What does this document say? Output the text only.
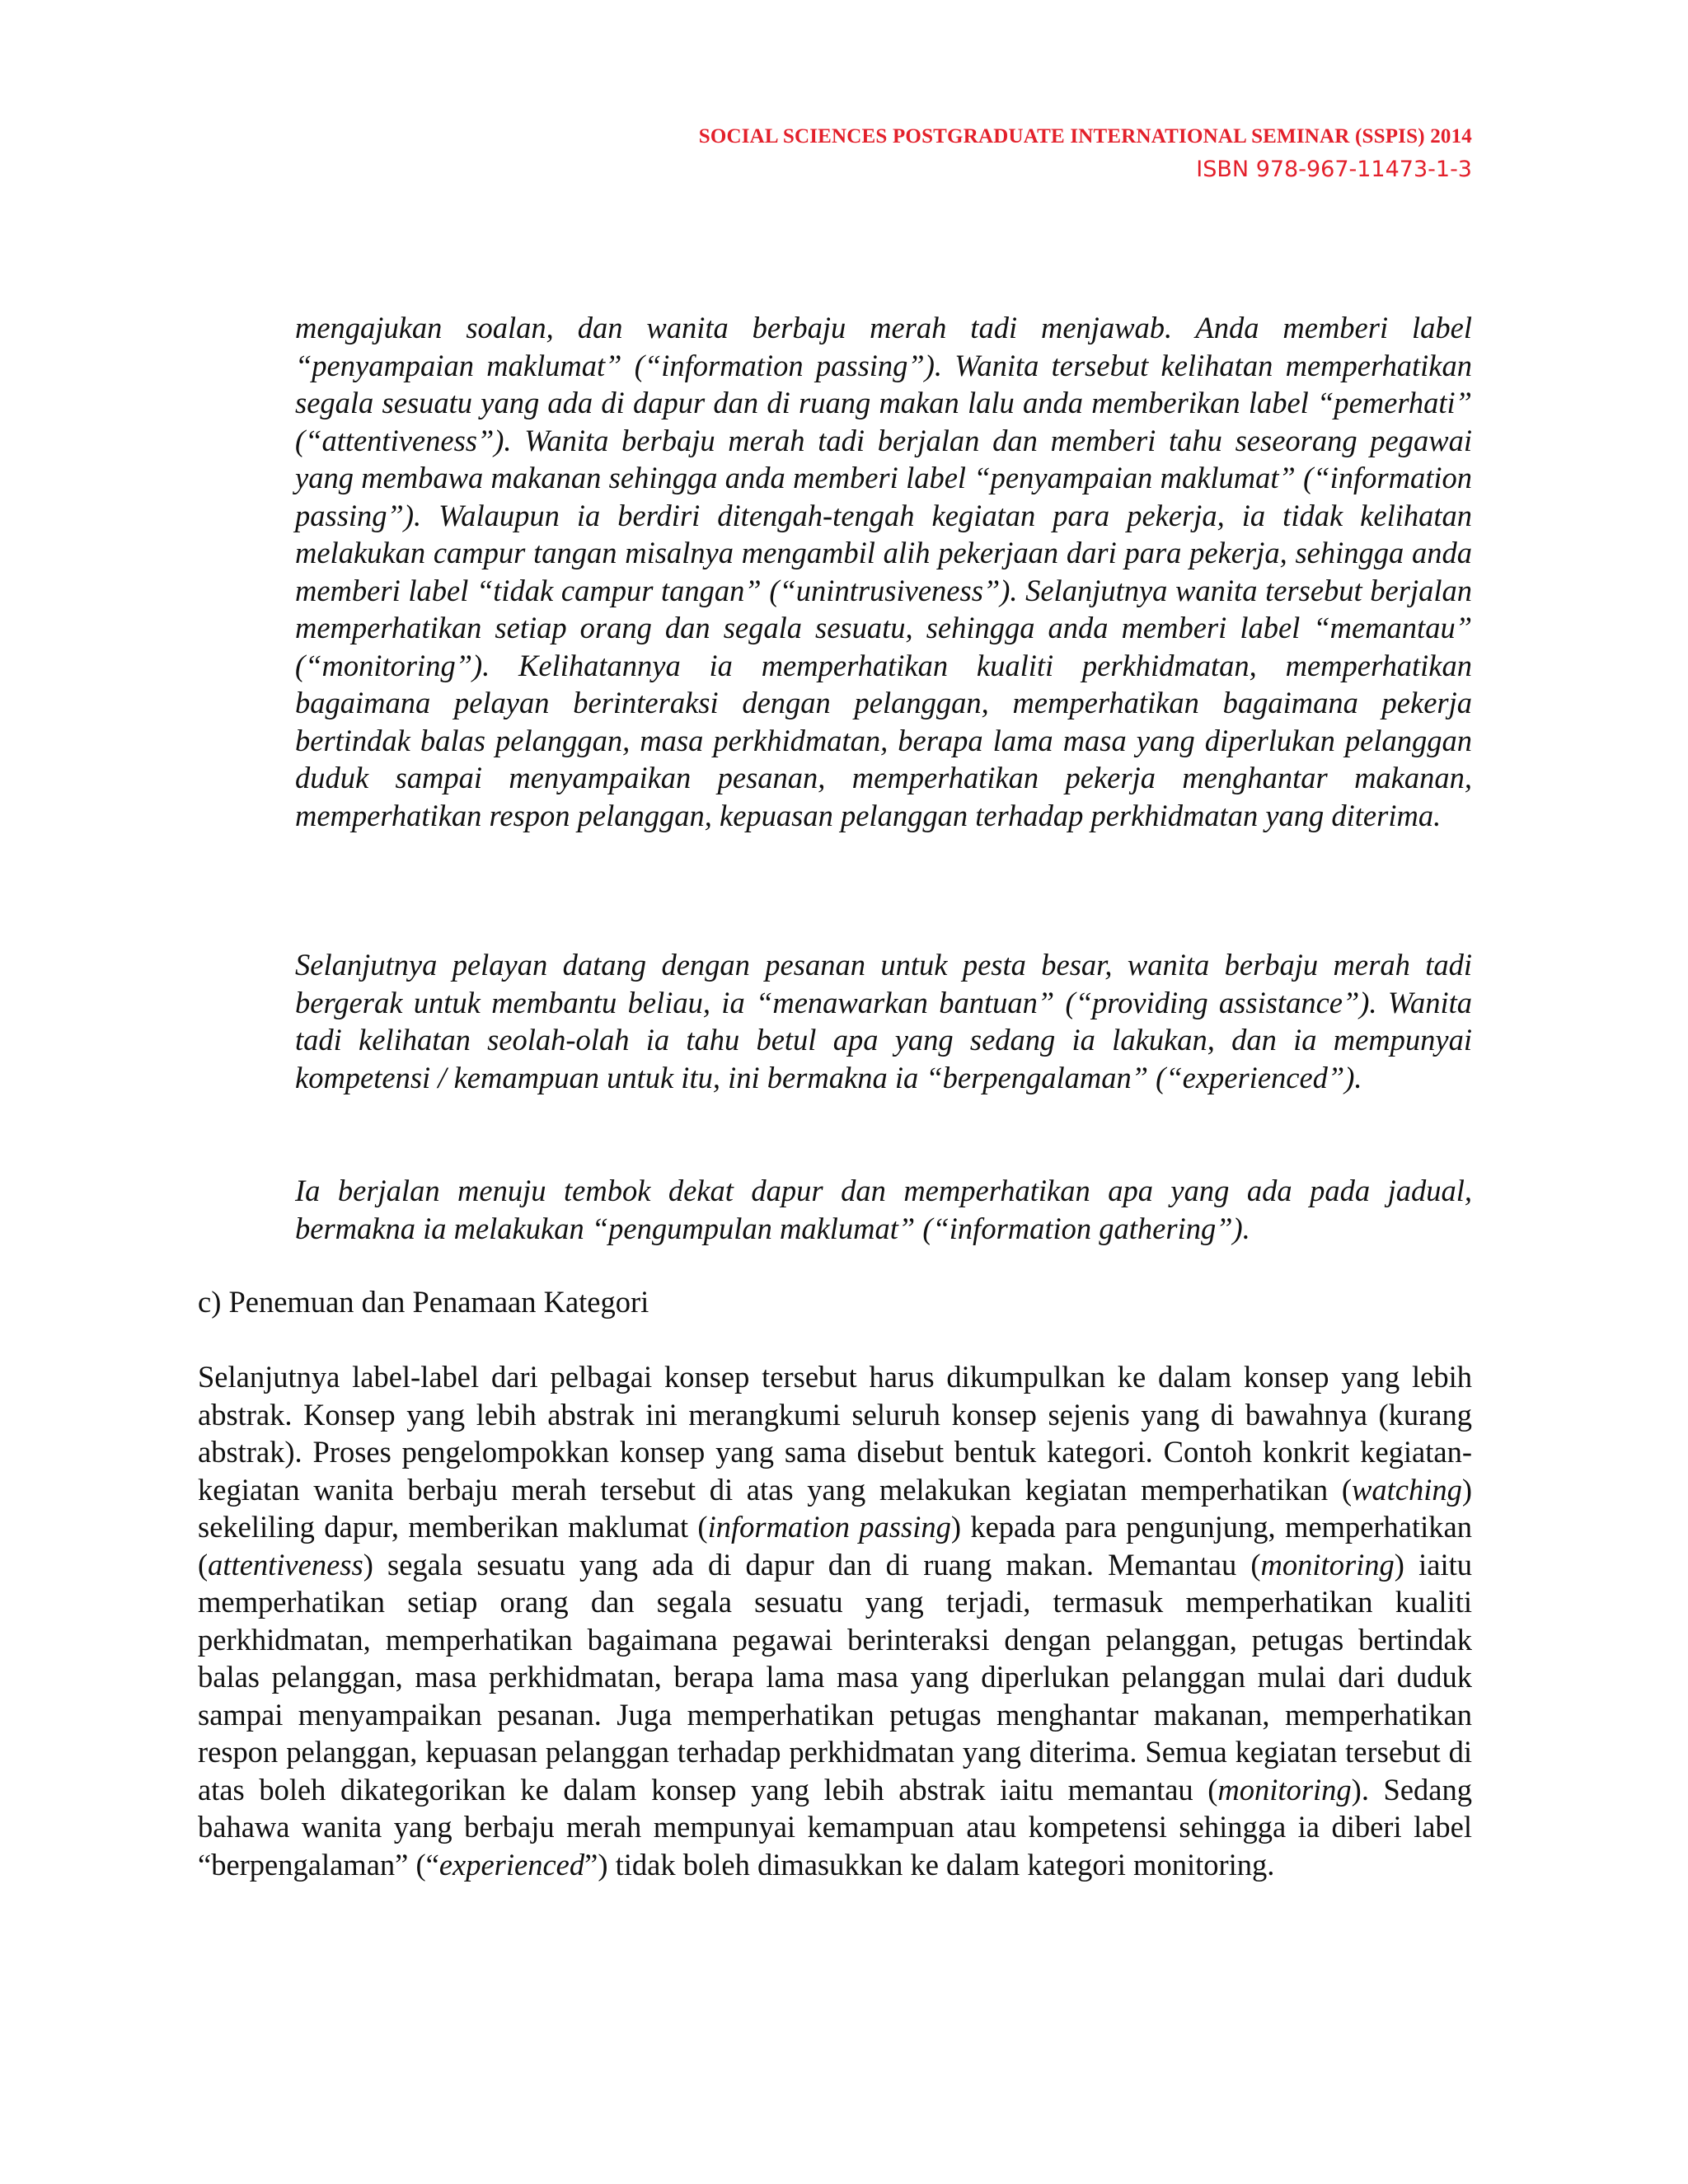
SOCIAL SCIENCES POSTGRADUATE INTERNATIONAL SEMINAR (SSPIS) 2014
ISBN 978-967-11473-1-3

mengajukan soalan, dan wanita berbaju merah tadi menjawab. Anda memberi label “penyampaian maklumat” (“information passing”). Wanita tersebut kelihatan memperhatikan segala sesuatu yang ada di dapur dan di ruang makan lalu anda memberikan label “pemerhati” (“attentiveness”). Wanita berbaju merah tadi berjalan dan memberi tahu seseorang pegawai yang membawa makanan sehingga anda memberi label “penyampaian maklumat” (“information passing”). Walaupun ia berdiri ditengah-tengah kegiatan para pekerja, ia tidak kelihatan melakukan campur tangan misalnya mengambil alih pekerjaan dari para pekerja, sehingga anda memberi label “tidak campur tangan” (“unintrusiveness”). Selanjutnya wanita tersebut berjalan memperhatikan setiap orang dan segala sesuatu, sehingga anda memberi label “memantau” (“monitoring”). Kelihatannya ia memperhatikan kualiti perkhidmatan, memperhatikan bagaimana pelayan berinteraksi dengan pelanggan, memperhatikan bagaimana pekerja bertindak balas pelanggan, masa perkhidmatan, berapa lama masa yang diperlukan pelanggan duduk sampai menyampaikan pesanan, memperhatikan pekerja menghantar makanan, memperhatikan respon pelanggan, kepuasan pelanggan terhadap perkhidmatan yang diterima.

Selanjutnya pelayan datang dengan pesanan untuk pesta besar, wanita berbaju merah tadi bergerak untuk membantu beliau, ia “menawarkan bantuan” (“providing assistance”). Wanita tadi kelihatan seolah-olah ia tahu betul apa yang sedang ia lakukan, dan ia mempunyai kompetensi / kemampuan untuk itu, ini bermakna ia “berpengalaman” (“experienced”).

Ia berjalan menuju tembok dekat dapur dan memperhatikan apa yang ada pada jadual, bermakna ia melakukan “pengumpulan maklumat” (“information gathering”).

c) Penemuan dan Penamaan Kategori

Selanjutnya label-label dari pelbagai konsep tersebut harus dikumpulkan ke dalam konsep yang lebih abstrak. Konsep yang lebih abstrak ini merangkumi seluruh konsep sejenis yang di bawahnya (kurang abstrak). Proses pengelompokkan konsep yang sama disebut bentuk kategori. Contoh konkrit kegiatan-kegiatan wanita berbaju merah tersebut di atas yang melakukan kegiatan memperhatikan (watching) sekeliling dapur, memberikan maklumat (information passing) kepada para pengunjung, memperhatikan (attentiveness) segala sesuatu yang ada di dapur dan di ruang makan. Memantau (monitoring) iaitu memperhatikan setiap orang dan segala sesuatu yang terjadi, termasuk memperhatikan kualiti perkhidmatan, memperhatikan bagaimana pegawai berinteraksi dengan pelanggan, petugas bertindak balas pelanggan, masa perkhidmatan, berapa lama masa yang diperlukan pelanggan mulai dari duduk sampai menyampaikan pesanan. Juga memperhatikan petugas menghantar makanan, memperhatikan respon pelanggan, kepuasan pelanggan terhadap perkhidmatan yang diterima. Semua kegiatan tersebut di atas boleh dikategorikan ke dalam konsep yang lebih abstrak iaitu memantau (monitoring). Sedang bahawa wanita yang berbaju merah mempunyai kemampuan atau kompetensi sehingga ia diberi label “berpengalaman” (“experienced”) tidak boleh dimasukkan ke dalam kategori monitoring.
